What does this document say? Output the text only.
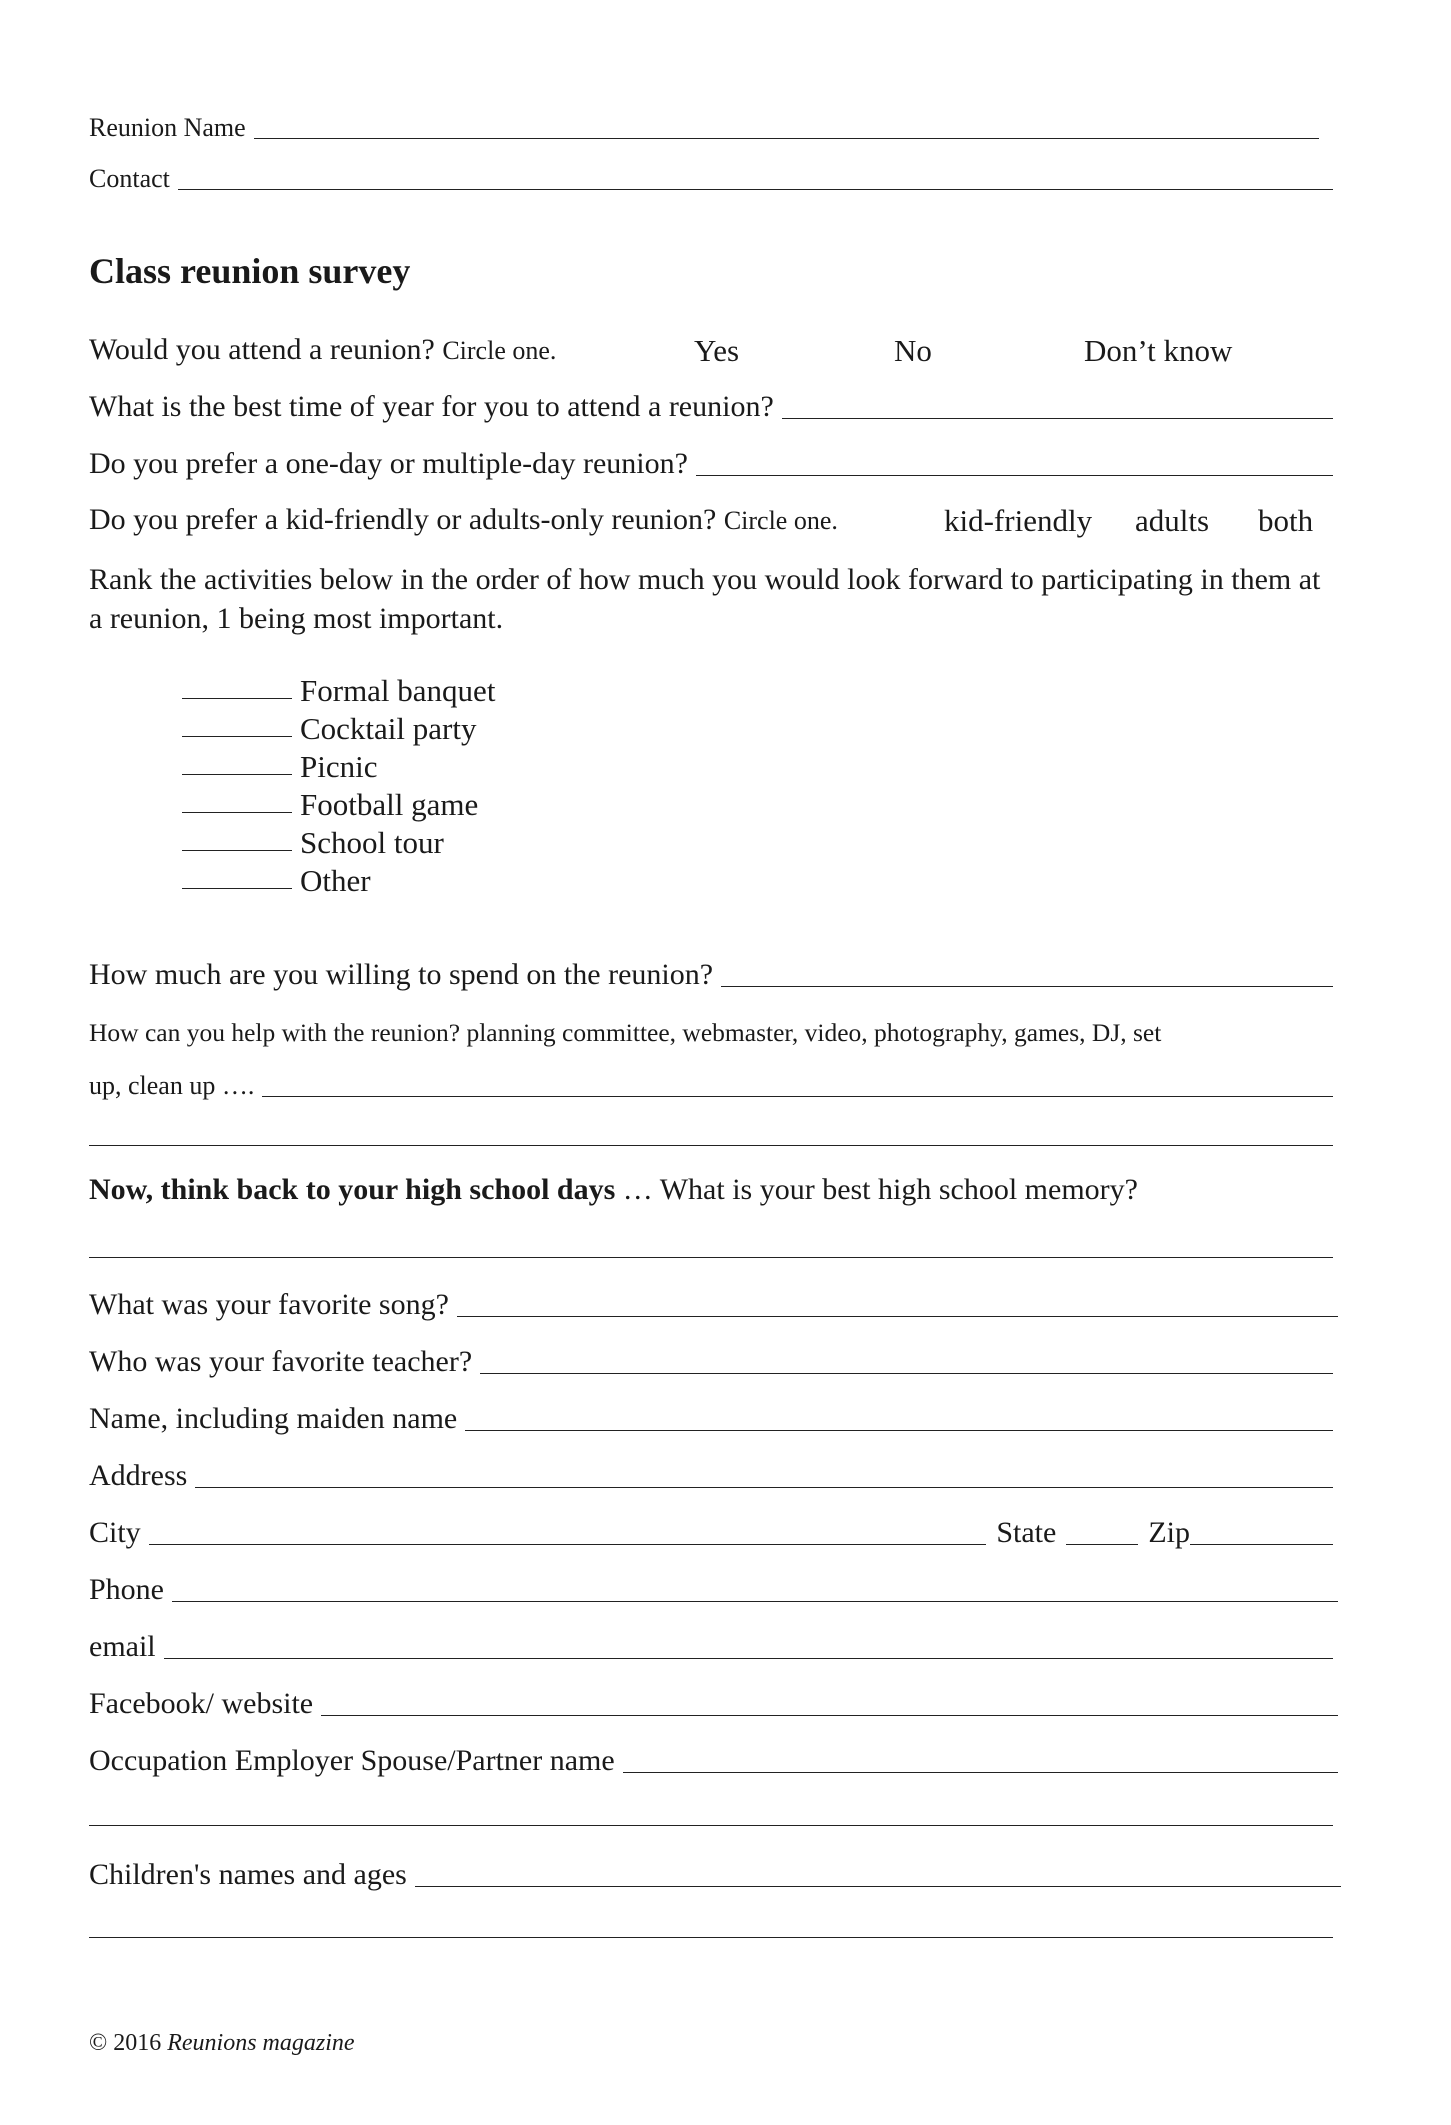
Reunion Name
Contact
Class reunion survey
Would you attend a reunion?
Circle one.	Yes	No	Don’t know
What is the best time of year for you to attend a reunion?
Do you prefer a one-day or multiple-day reunion?
Do you prefer a kid-friendly or adults-only reunion?
Circle one.	kid-friendly adults both
Rank the activities below in the order of how much you would look forward to participating in them at a reunion, 1 being most important.
Formal banquet
Cocktail party
Picnic
Football game
School tour
Other
How much are you willing to spend on the reunion?
How can you help with the reunion? planning committee, webmaster, video, photography, games, DJ, set
up, clean up ….
Now, think back to your high school days … What is your best high school memory?
What was your favorite song?
Who was your favorite teacher?
Name, including maiden name
Address
City	State	Zip
Phone
email
Facebook/ website
Occupation Employer Spouse/Partner name
Children's names and ages
© 2016 Reunions magazine
